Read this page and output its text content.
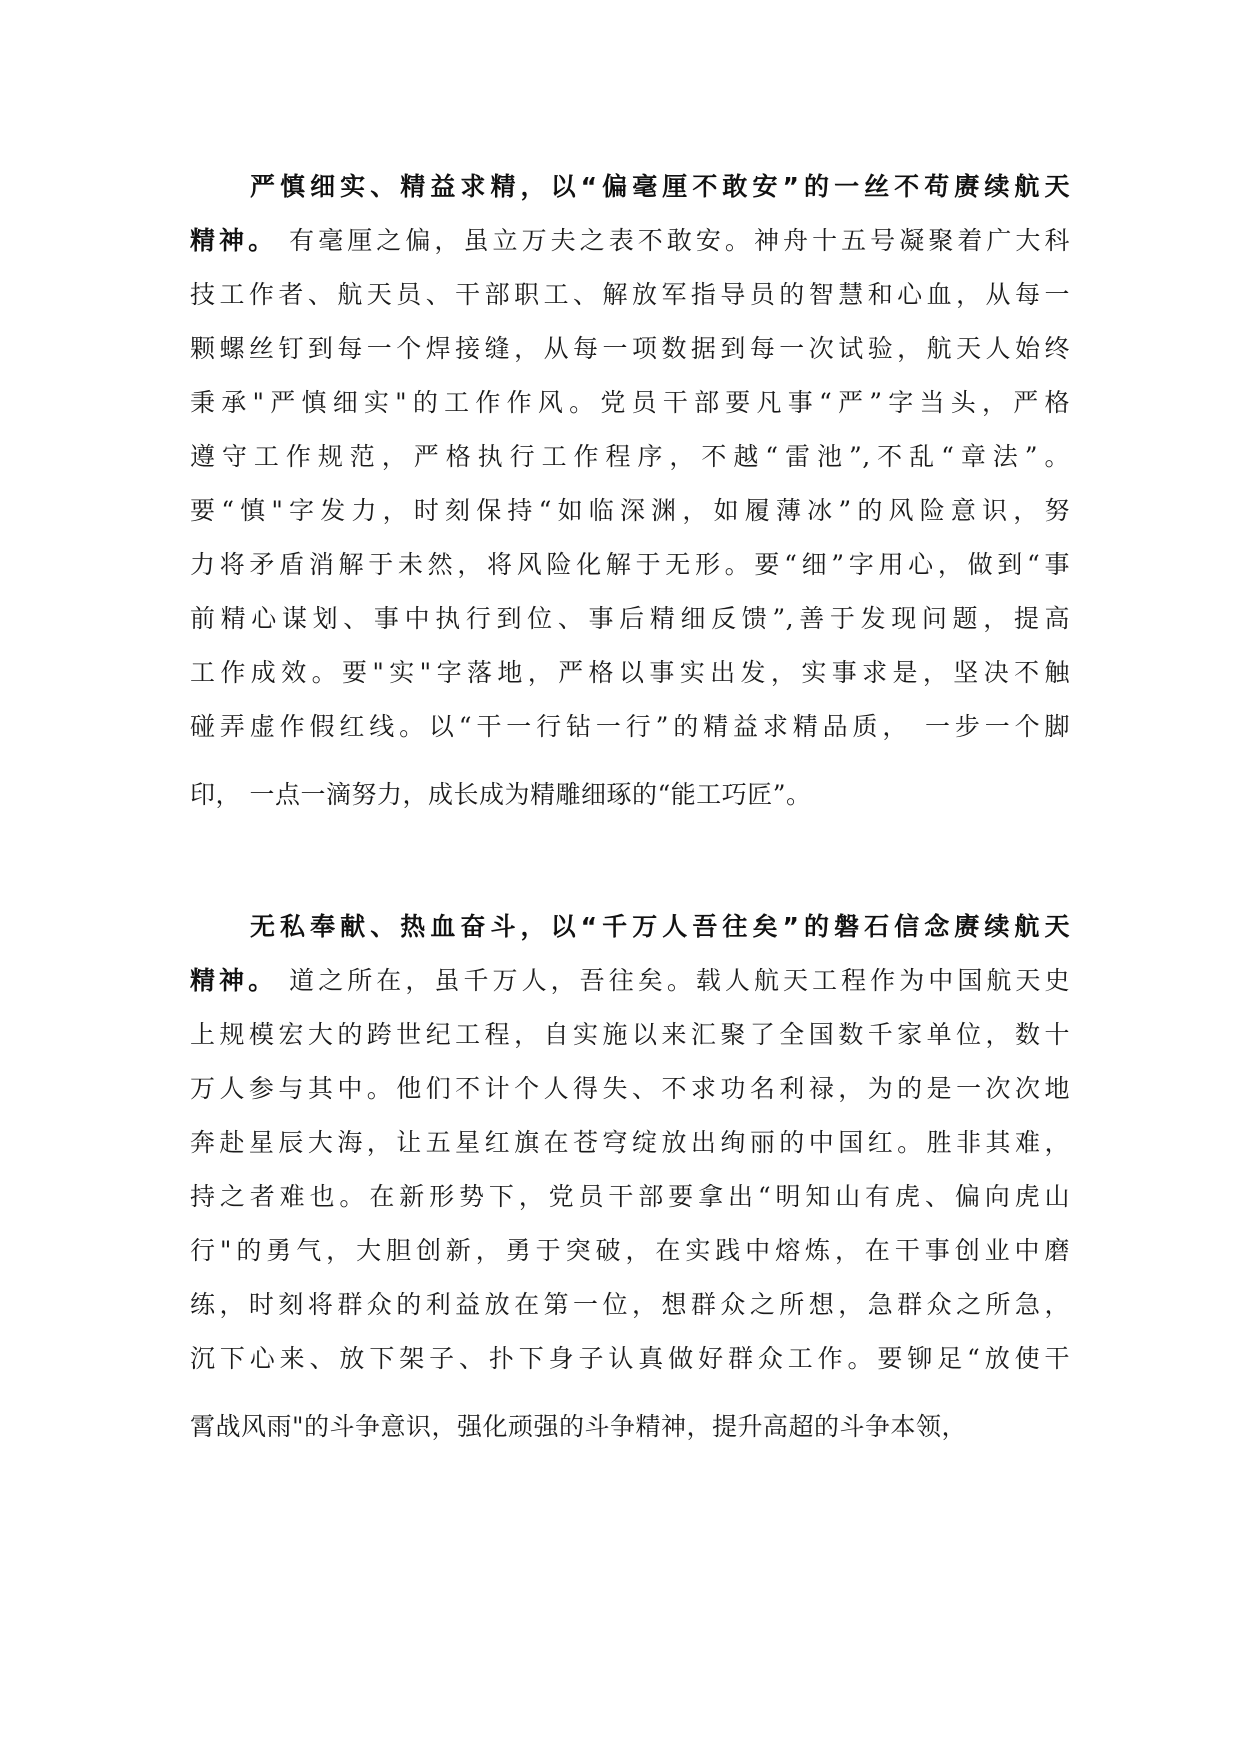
严慎细实、精益求精，以“偏毫厘不敢安”的一丝不苟赓续航天
精神。 有毫厘之偏，虽立万夫之表不敢安。神舟十五号凝聚着广大科
技工作者、航天员、干部职工、解放军指导员的智慧和心血，从每一
颗螺丝钉到每一个焊接缝，从每一项数据到每一次试验，航天人始终
秉承"严慎细实"的工作作风。党员干部要凡事“严”字当头，严格
遵守工作规范，严格执行工作程序，不越“雷池”,不乱“章法”。
要“慎"字发力，时刻保持“如临深渊，如履薄冰”的风险意识，努
力将矛盾消解于未然，将风险化解于无形。要“细”字用心，做到“事
前精心谋划、事中执行到位、事后精细反馈”,善于发现问题，提高
工作成效。要"实"字落地，严格以事实出发，实事求是，坚决不触
碰弄虚作假红线。以“干一行钻一行”的精益求精品质， 一步一个脚
印， 一点一滴努力，成长成为精雕细琢的“能工巧匠”。
无私奉献、热血奋斗，以“千万人吾往矣”的磐石信念赓续航天
精神。 道之所在，虽千万人，吾往矣。载人航天工程作为中国航天史
上规模宏大的跨世纪工程，自实施以来汇聚了全国数千家单位，数十
万人参与其中。他们不计个人得失、不求功名利禄，为的是一次次地
奔赴星辰大海，让五星红旗在苍穹绽放出绚丽的中国红。胜非其难，
持之者难也。在新形势下，党员干部要拿出“明知山有虎、偏向虎山
行"的勇气，大胆创新，勇于突破，在实践中熔炼，在干事创业中磨
练，时刻将群众的利益放在第一位，想群众之所想，急群众之所急，
沉下心来、放下架子、扑下身子认真做好群众工作。要铆足“放使干
霄战风雨"的斗争意识，强化顽强的斗争精神，提升高超的斗争本领，
